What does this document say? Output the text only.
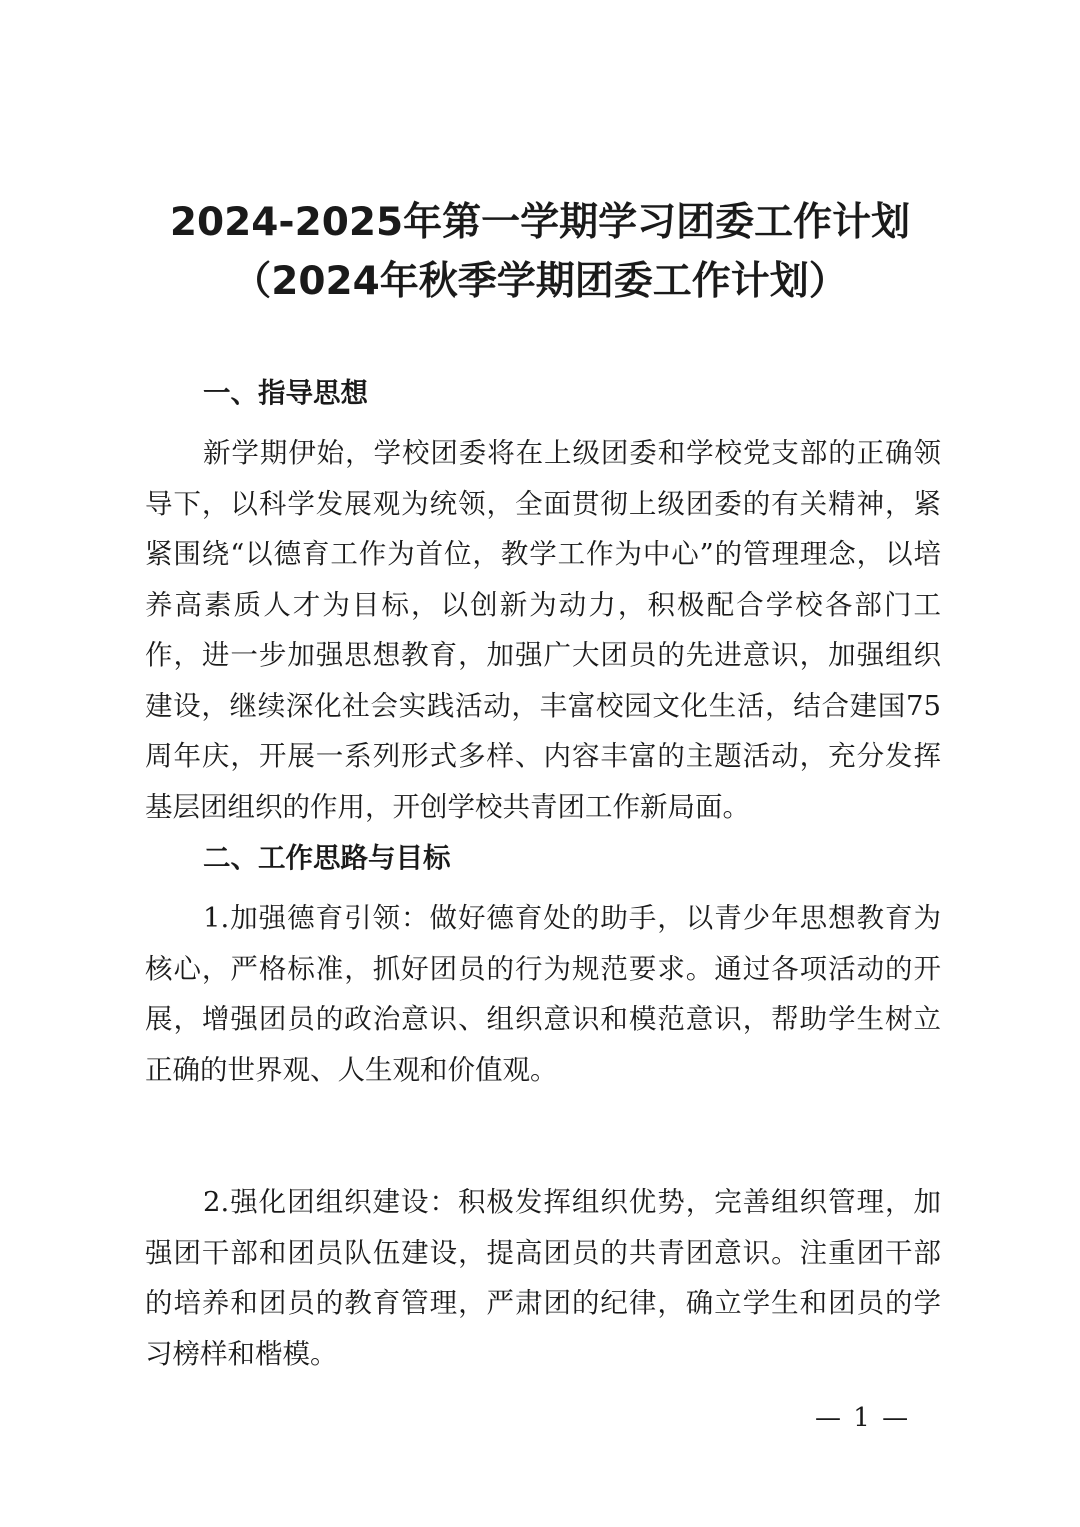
2024-2025年第一学期学习团委工作计划
（2024年秋季学期团委工作计划）
一、指导思想

新学期伊始，学校团委将在上级团委和学校党支部的正确领导下，以科学发展观为统领，全面贯彻上级团委的有关精神，紧紧围绕“以德育工作为首位，教学工作为中心”的管理理念，以培养高素质人才为目标，以创新为动力，积极配合学校各部门工作，进一步加强思想教育，加强广大团员的先进意识，加强组织建设，继续深化社会实践活动，丰富校园文化生活，结合建国75周年庆，开展一系列形式多样、内容丰富的主题活动，充分发挥基层团组织的作用，开创学校共青团工作新局面。

二、工作思路与目标

1.加强德育引领：做好德育处的助手，以青少年思想教育为核心，严格标准，抓好团员的行为规范要求。通过各项活动的开展，增强团员的政治意识、组织意识和模范意识，帮助学生树立正确的世界观、人生观和价值观。

2.强化团组织建设：积极发挥组织优势，完善组织管理，加强团干部和团员队伍建设，提高团员的共青团意识。注重团干部的培养和团员的教育管理，严肃团的纪律，确立学生和团员的学习榜样和楷模。

— 1 —
